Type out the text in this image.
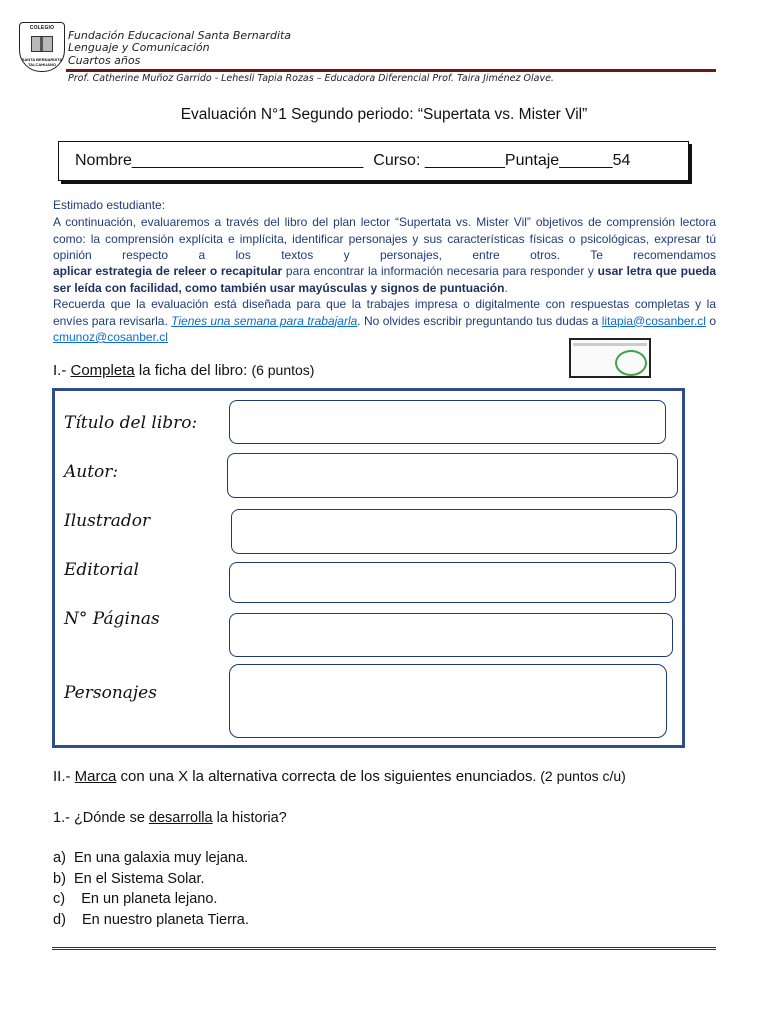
COLEGIO
SANTA BERNARDITA TALCAHUANO
Fundación Educacional Santa Bernardita
Lenguaje y Comunicación
Cuartos años
Prof. Catherine Muñoz Garrido - Lehesli Tapia Rozas – Educadora Diferencial Prof. Taira Jiménez Olave.
Evaluación N°1 Segundo periodo: “Supertata vs. Mister Vil”
Nombre__________________________ Curso: _________ Puntaje______54
Estimado estudiante:
A continuación, evaluaremos a través del libro del plan lector “Supertata vs. Mister Vil” objetivos de comprensión lectora como: la comprensión explícita e implícita, identificar personajes y sus características físicas o psicológicas, expresar tú opinión respecto a los textos y personajes, entre otros. Te recomendamos
aplicar estrategia de releer o recapitular para encontrar la información necesaria para responder y usar letra que pueda ser leída con facilidad, como también usar mayúsculas y signos de puntuación.
Recuerda que la evaluación está diseñada para que la trabajes impresa o digitalmente con respuestas completas y la envíes para revisarla. Tienes una semana para trabajarla. No olvides escribir preguntando tus dudas a litapia@cosanber.cl o cmunoz@cosanber.cl
I.- Completa la ficha del libro: (6 puntos)
Título del libro:
Autor:
Ilustrador
Editorial
N° Páginas
Personajes
II.- Marca con una X la alternativa correcta de los siguientes enunciados. (2 puntos c/u)
1.- ¿Dónde se desarrolla la historia?
a)  En una galaxia muy lejana.
b)  En el Sistema Solar.
c)    En un planeta lejano.
d)    En nuestro planeta Tierra.
